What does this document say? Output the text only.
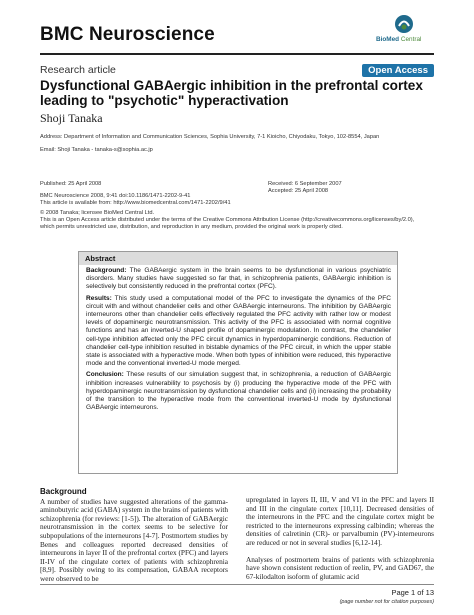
BMC Neuroscience	BioMed Central
Research article	Open Access
Dysfunctional GABAergic inhibition in the prefrontal cortex leading to "psychotic" hyperactivation
Shoji Tanaka
Address: Department of Information and Communication Sciences, Sophia University, 7-1 Kioicho, Chiyodaku, Tokyo, 102-8554, Japan
Email: Shoji Tanaka - tanaka-s@sophia.ac.jp
Published: 25 April 2008
BMC Neuroscience 2008, 9:41 doi:10.1186/1471-2202-9-41
This article is available from: http://www.biomedcentral.com/1471-2202/9/41
Received: 6 September 2007
Accepted: 25 April 2008
© 2008 Tanaka; licensee BioMed Central Ltd.
This is an Open Access article distributed under the terms of the Creative Commons Attribution License (http://creativecommons.org/licenses/by/2.0),
which permits unrestricted use, distribution, and reproduction in any medium, provided the original work is properly cited.
Abstract

Background: The GABAergic system in the brain seems to be dysfunctional in various psychiatric disorders. Many studies have suggested so far that, in schizophrenia patients, GABAergic inhibition is selectively but consistently reduced in the prefrontal cortex (PFC).

Results: This study used a computational model of the PFC to investigate the dynamics of the PFC circuit with and without chandelier cells and other GABAergic interneurons. The inhibition by GABAergic interneurons other than chandelier cells effectively regulated the PFC activity with rather low or modest levels of dopaminergic neurotransmission. This activity of the PFC is associated with normal cognitive functions and has an inverted-U shaped profile of dopaminergic modulation. In contrast, the chandelier cell-type inhibition affected only the PFC circuit dynamics in hyperdopaminergic conditions. Reduction of chandelier cell-type inhibition resulted in bistable dynamics of the PFC circuit, in which the upper stable state is associated with a hyperactive mode. When both types of inhibition were reduced, this hyperactive mode and the conventional inverted-U mode merged.

Conclusion: These results of our simulation suggest that, in schizophrenia, a reduction of GABAergic inhibition increases vulnerability to psychosis by (i) producing the hyperactive mode of the PFC with hyperdopaminergic neurotransmission by dysfunctional chandelier cells and (ii) increasing the probability of the transition to the hyperactive mode from the conventional inverted-U mode by dysfunctional GABAergic interneurons.

Background
A number of studies have suggested alterations of the gamma-aminobutyric acid (GABA) system in the brains of patients with schizophrenia (for reviews: [1-5]). The alteration of GABAergic neurotransmission in the cortex seems to be selective for subpopulations of the interneurons [4-7]. Postmortem studies by Benes and colleagues reported decreased densities of interneurons in layer II of the prefrontal cortex (PFC) and layers II-IV of the cingulate cortex of patients with schizophrenia [8,9]. Possibly owing to its compensation, GABAA receptors were observed to be
upregulated in layers II, III, V and VI in the PFC and layers II and III in the cingulate cortex [10,11]. Decreased densities of the interneurons in the PFC and the cingulate cortex might be restricted to the interneurons expressing calbindin; whereas the densities of calretinin (CR)- or parvalbumin (PV)-interneurons are reduced or not in several studies [6,12-14].
Analyses of postmortem brains of patients with schizophrenia have shown consistent reduction of reelin, PV, and GAD67, the 67-kilodalton isoform of glutamic acid
Page 1 of 13
(page number not for citation purposes)
